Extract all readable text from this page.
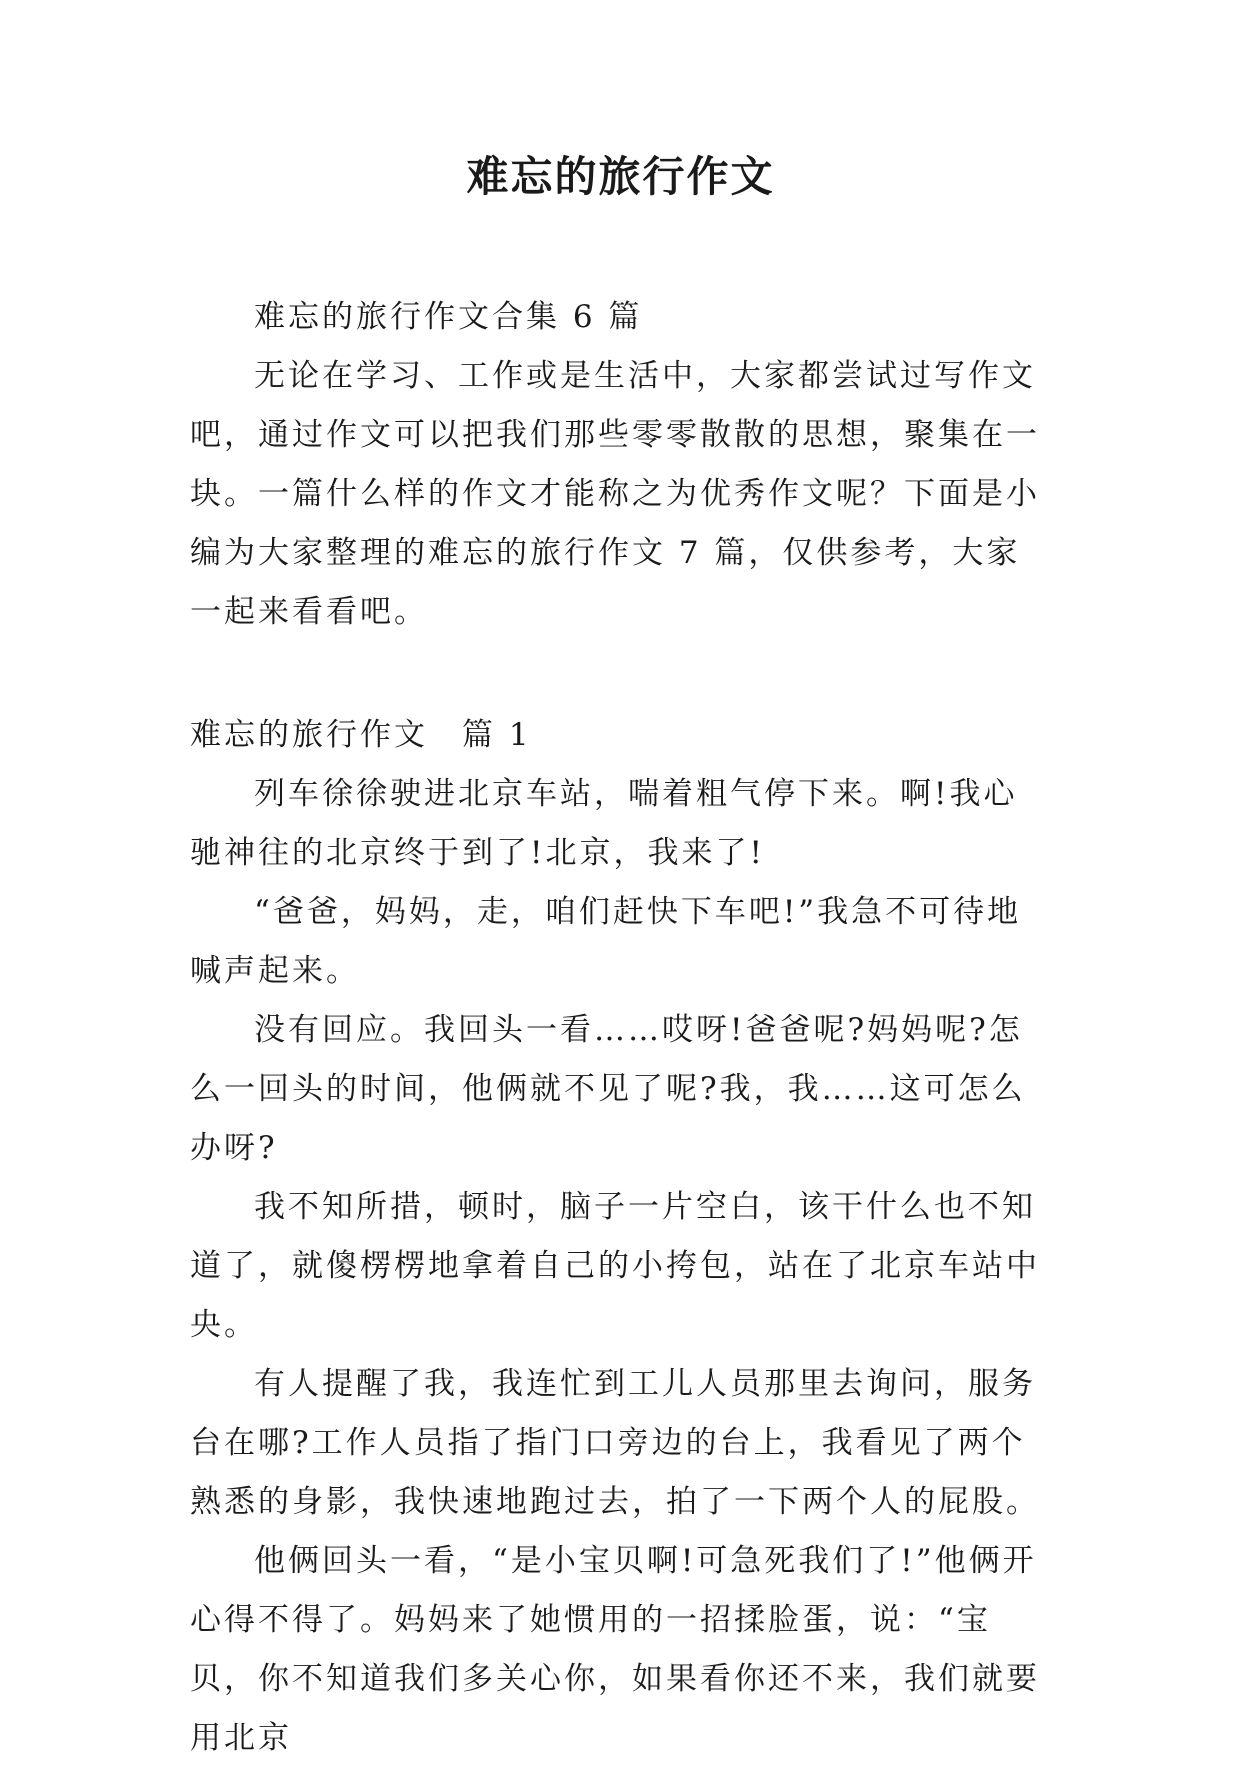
难忘的旅行作文

难忘的旅行作文合集 6 篇

无论在学习、工作或是生活中，大家都尝试过写作文吧，通过作文可以把我们那些零零散散的思想，聚集在一块。一篇什么样的作文才能称之为优秀作文呢？下面是小编为大家整理的难忘的旅行作文 7 篇，仅供参考，大家一起来看看吧。

难忘的旅行作文　篇 1

列车徐徐驶进北京车站，喘着粗气停下来。啊!我心驰神往的北京终于到了!北京，我来了!

“爸爸，妈妈，走，咱们赶快下车吧!”我急不可待地喊声起来。

没有回应。我回头一看……哎呀!爸爸呢?妈妈呢?怎么一回头的时间，他俩就不见了呢?我，我……这可怎么办呀?

我不知所措，顿时，脑子一片空白，该干什么也不知道了，就傻楞楞地拿着自己的小挎包，站在了北京车站中央。

有人提醒了我，我连忙到工儿人员那里去询问，服务台在哪?工作人员指了指门口旁边的台上，我看见了两个熟悉的身影，我快速地跑过去，拍了一下两个人的屁股。

他俩回头一看，“是小宝贝啊!可急死我们了!”他俩开心得不得了。妈妈来了她惯用的一招揉脸蛋，说：“宝贝，你不知道我们多关心你，如果看你还不来，我们就要用北京
